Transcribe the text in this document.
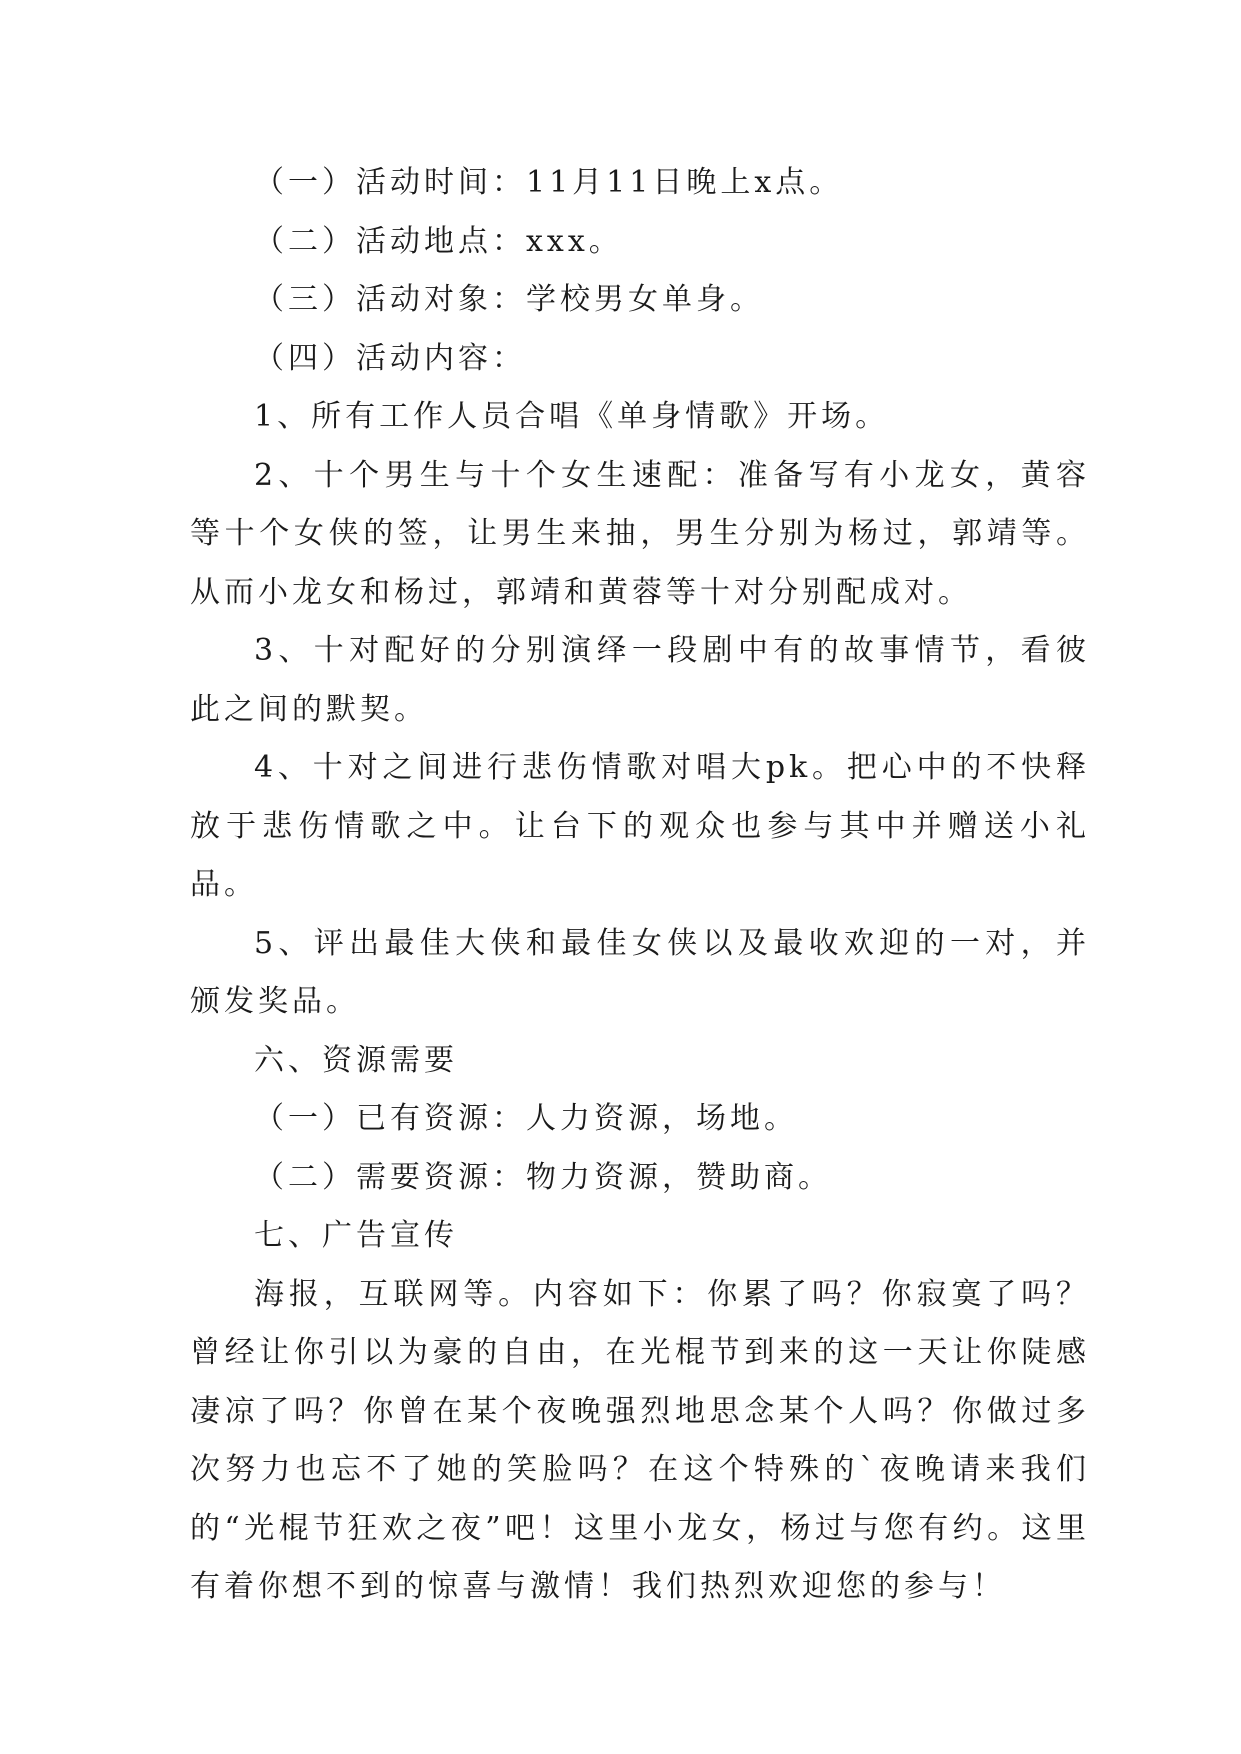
（一）活动时间：11月11日晚上x点。

（二）活动地点：xxx。

（三）活动对象：学校男女单身。

（四）活动内容：

1、所有工作人员合唱《单身情歌》开场。

2、十个男生与十个女生速配：准备写有小龙女，黄容等十个女侠的签，让男生来抽，男生分别为杨过，郭靖等。从而小龙女和杨过，郭靖和黄蓉等十对分别配成对。

3、十对配好的分别演绎一段剧中有的故事情节，看彼此之间的默契。

4、十对之间进行悲伤情歌对唱大pk。把心中的不快释放于悲伤情歌之中。让台下的观众也参与其中并赠送小礼品。

5、评出最佳大侠和最佳女侠以及最收欢迎的一对，并颁发奖品。

六、资源需要

（一）已有资源：人力资源，场地。

（二）需要资源：物力资源，赞助商。

七、广告宣传

海报，互联网等。内容如下：你累了吗？你寂寞了吗？曾经让你引以为豪的自由，在光棍节到来的这一天让你陡感凄凉了吗？你曾在某个夜晚强烈地思念某个人吗？你做过多次努力也忘不了她的笑脸吗？在这个特殊的`夜晚请来我们的“光棍节狂欢之夜”吧！这里小龙女，杨过与您有约。这里有着你想不到的惊喜与激情！我们热烈欢迎您的参与！
